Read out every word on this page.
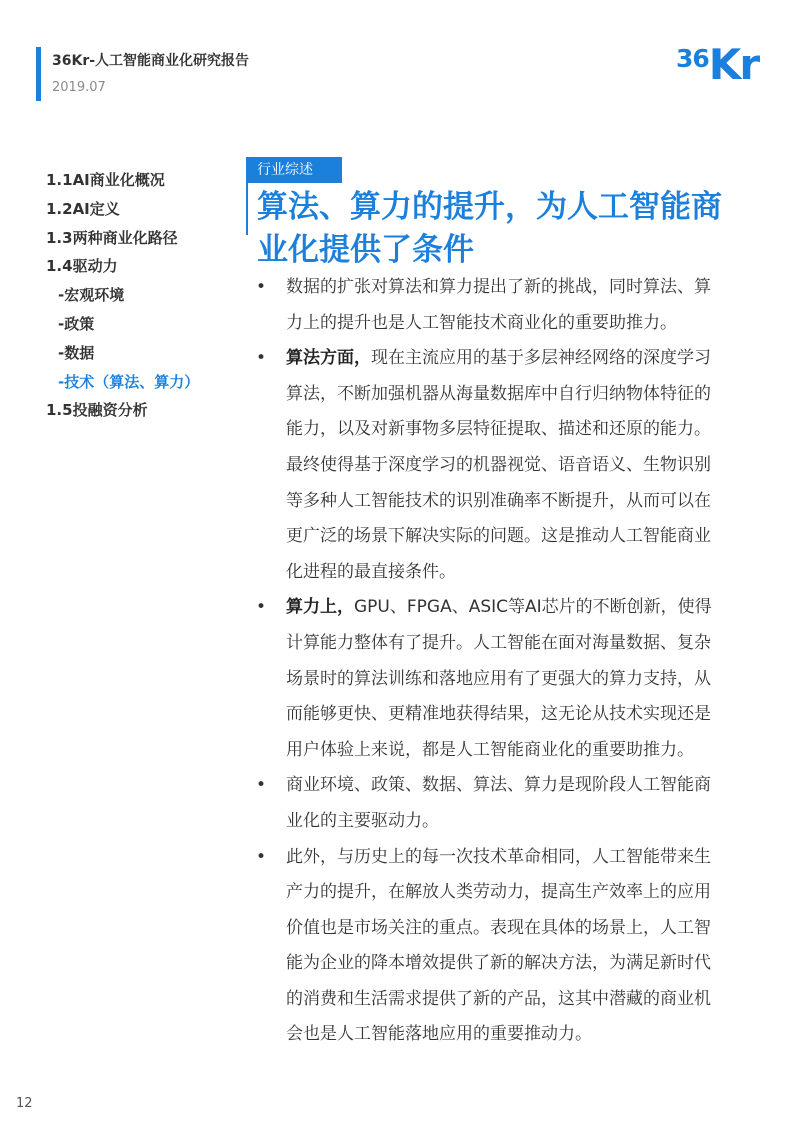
36Kr-人工智能商业化研究报告
2019.07
36Kr
1.1AI商业化概况
1.2AI定义
1.3两种商业化路径
1.4驱动力
-宏观环境
-政策
-数据
-技术（算法、算力）
1.5投融资分析
行业综述
算法、算力的提升，为人工智能商业化提供了条件
•	数据的扩张对算法和算力提出了新的挑战，同时算法、算力上的提升也是人工智能技术商业化的重要助推力。
•	算法方面，现在主流应用的基于多层神经网络的深度学习算法，不断加强机器从海量数据库中自行归纳物体特征的能力，以及对新事物多层特征提取、描述和还原的能力。最终使得基于深度学习的机器视觉、语音语义、生物识别等多种人工智能技术的识别准确率不断提升，从而可以在更广泛的场景下解决实际的问题。这是推动人工智能商业化进程的最直接条件。
•	算力上，GPU、FPGA、ASIC等AI芯片的不断创新，使得计算能力整体有了提升。人工智能在面对海量数据、复杂场景时的算法训练和落地应用有了更强大的算力支持，从而能够更快、更精准地获得结果，这无论从技术实现还是用户体验上来说，都是人工智能商业化的重要助推力。
•	商业环境、政策、数据、算法、算力是现阶段人工智能商业化的主要驱动力。
•	此外，与历史上的每一次技术革命相同，人工智能带来生产力的提升，在解放人类劳动力，提高生产效率上的应用价值也是市场关注的重点。表现在具体的场景上，人工智能为企业的降本增效提供了新的解决方法，为满足新时代的消费和生活需求提供了新的产品，这其中潜藏的商业机会也是人工智能落地应用的重要推动力。
12
